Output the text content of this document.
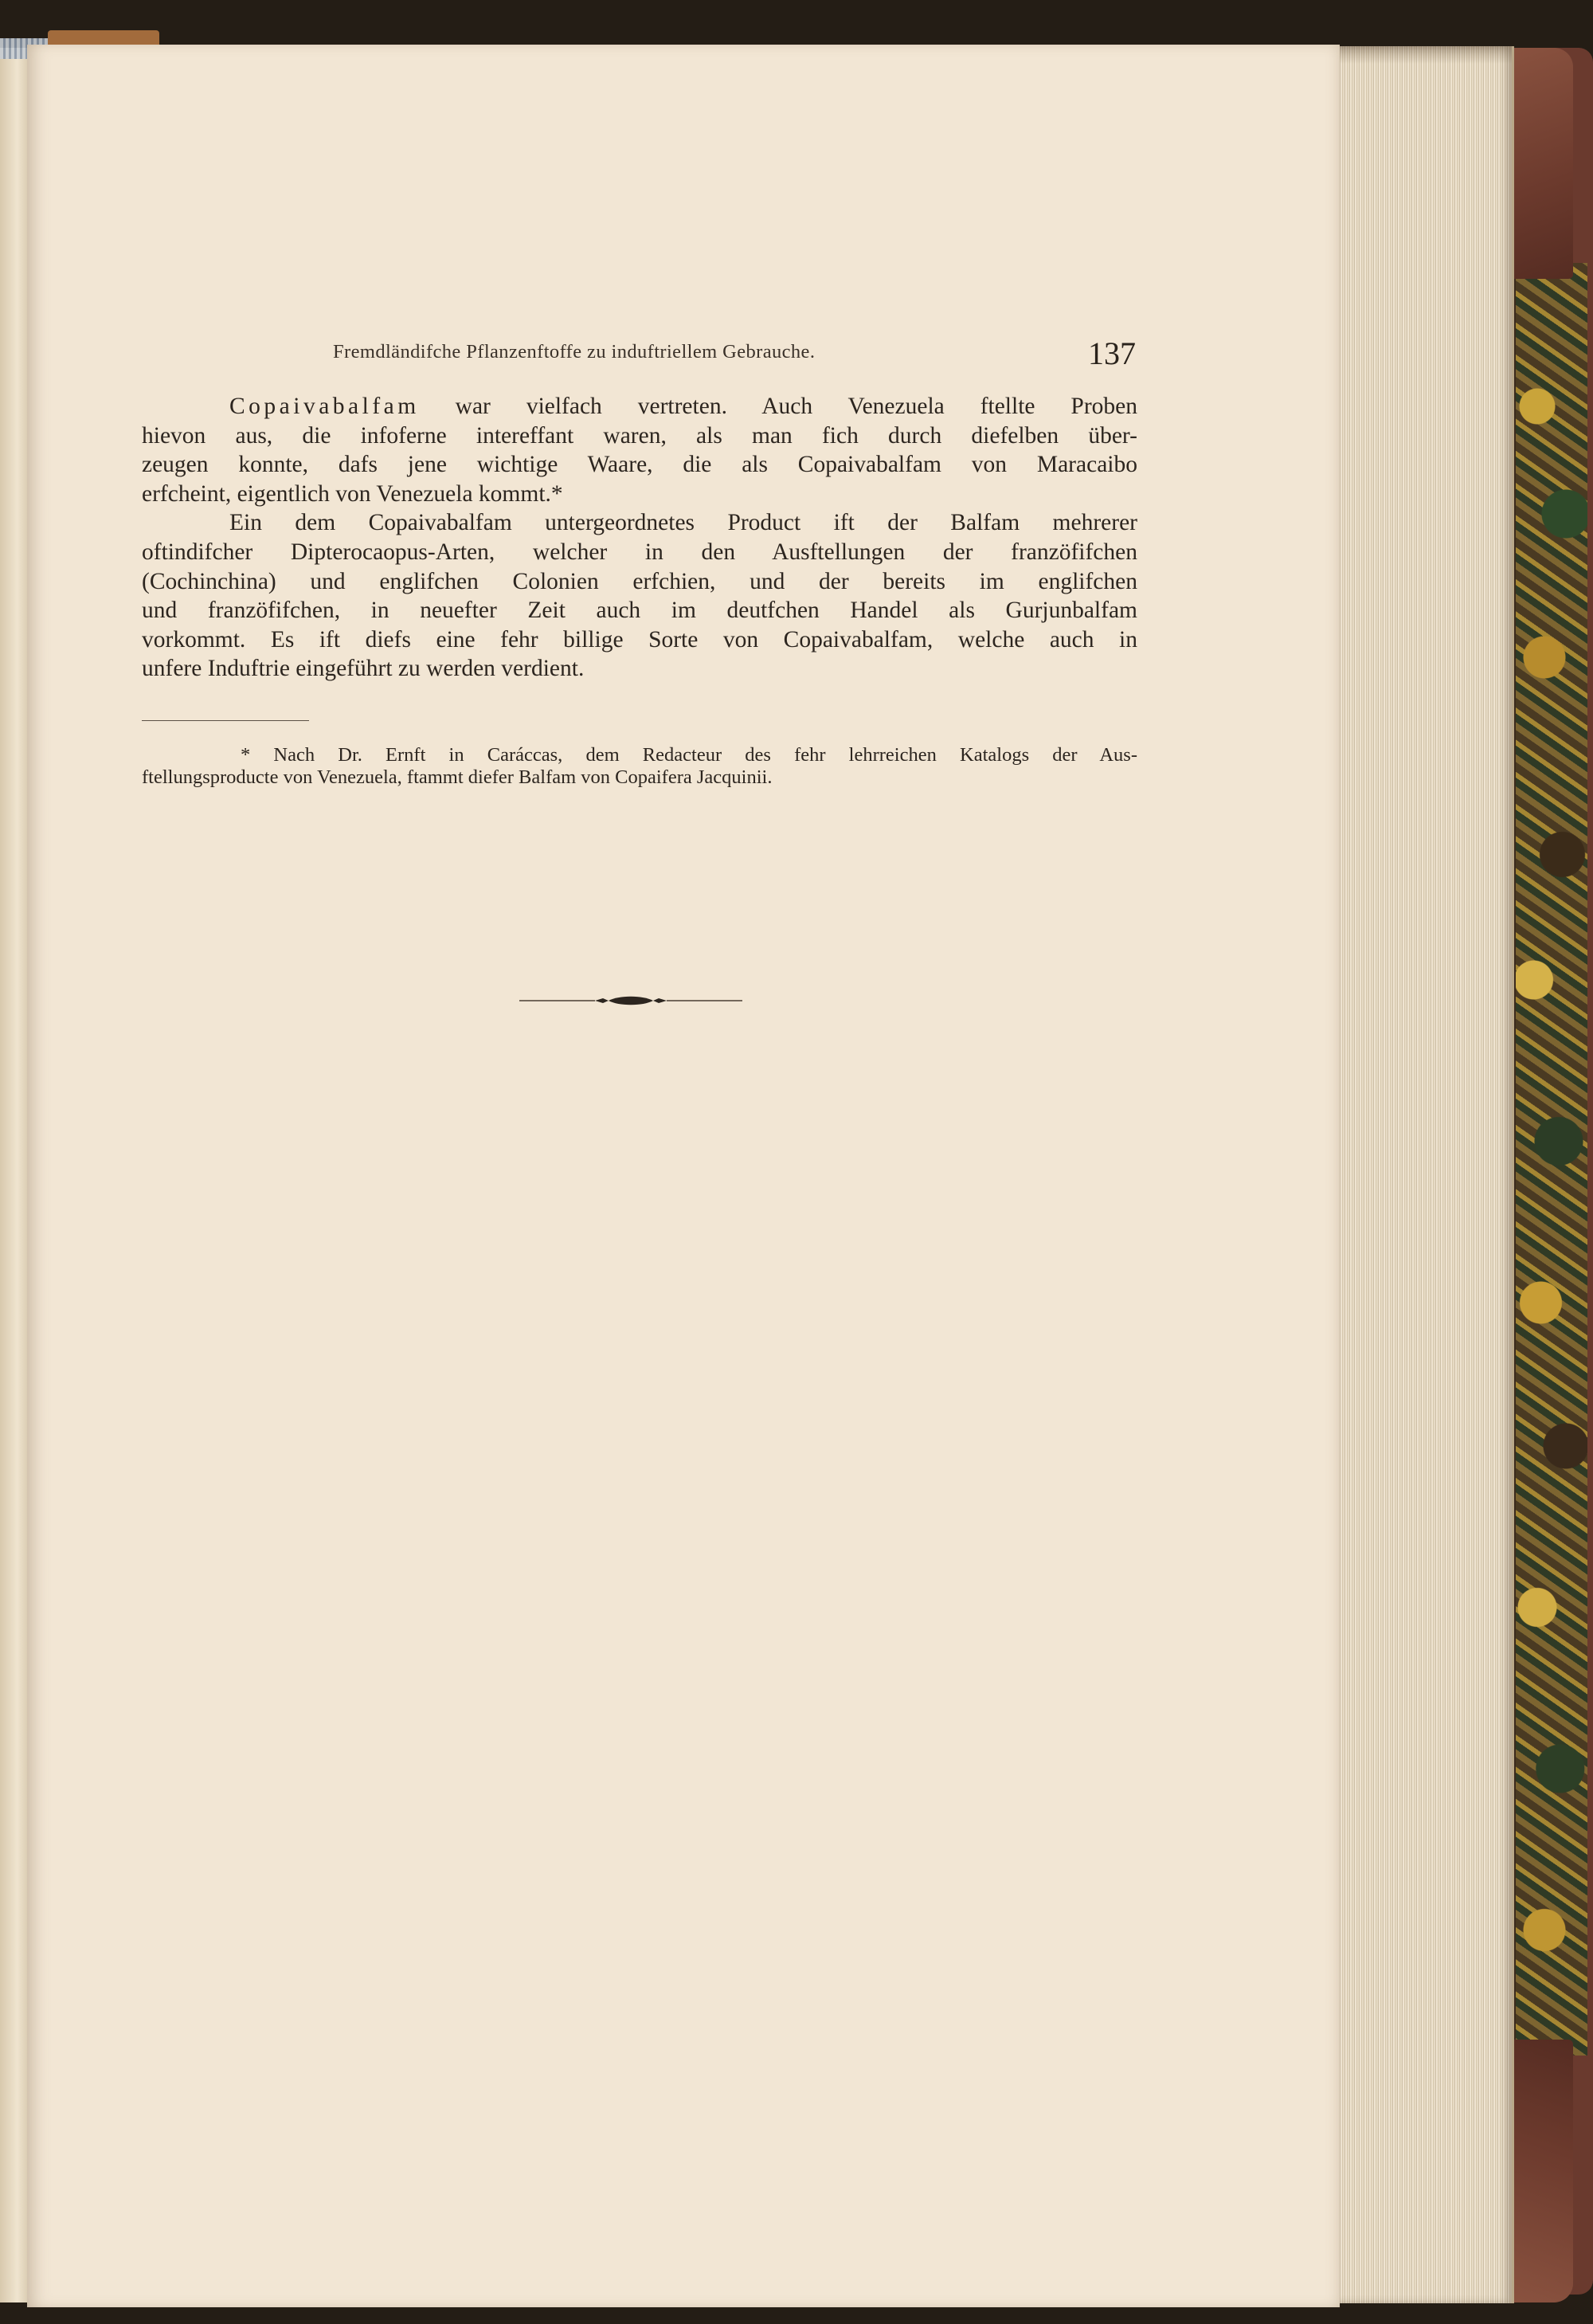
Fremdländifche Pflanzenftoffe zu induftriellem Gebrauche.	137
Copaivabalfam war vielfach vertreten. Auch Venezuela ftellte Proben
hievon aus, die infoferne intereffant waren, als man fich durch diefelben über-
zeugen konnte, dafs jene wichtige Waare, die als Copaivabalfam von Maracaibo
erfcheint, eigentlich von Venezuela kommt.*
Ein dem Copaivabalfam untergeordnetes Product ift der Balfam mehrerer
oftindifcher Dipterocaopus-Arten, welcher in den Ausftellungen der franzöfifchen
(Cochinchina) und englifchen Colonien erfchien, und der bereits im englifchen
und franzöfifchen, in neuefter Zeit auch im deutfchen Handel als Gurjunbalfam
vorkommt. Es ift diefs eine fehr billige Sorte von Copaivabalfam, welche auch in
unfere Induftrie eingeführt zu werden verdient.
* Nach Dr. Ernft in Caráccas, dem Redacteur des fehr lehrreichen Katalogs der Aus-
ftellungsproducte von Venezuela, ftammt diefer Balfam von Copaifera Jacquinii.
